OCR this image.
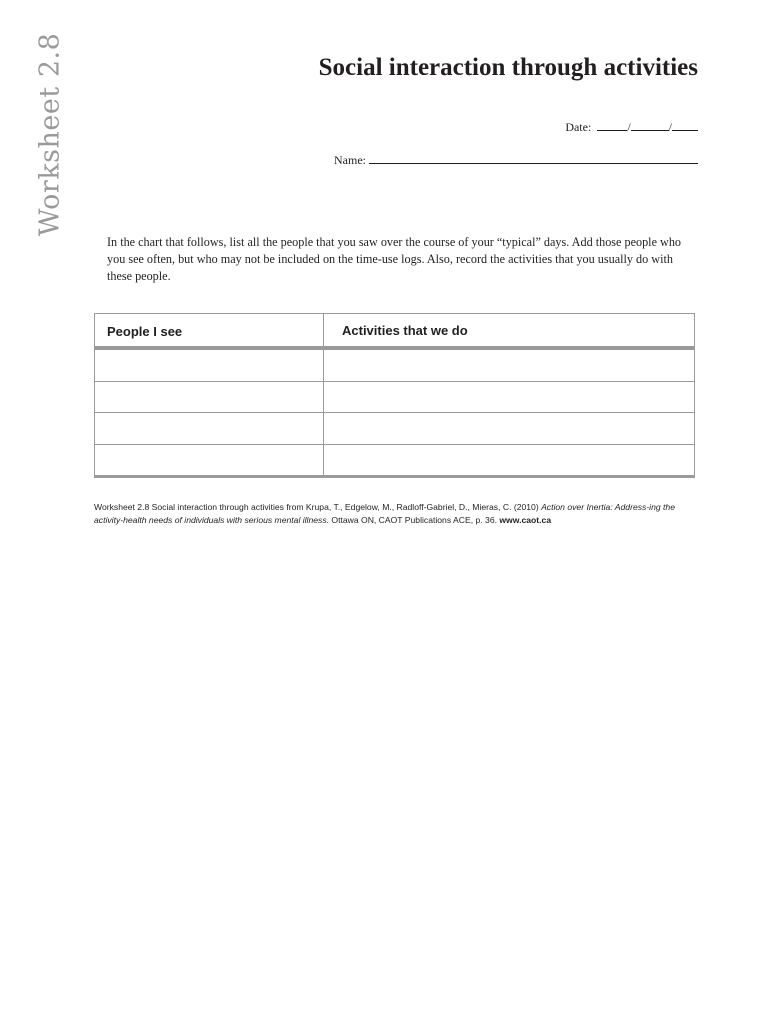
Worksheet 2.8	Social interaction through activities
Date:	/	/
Name:

In the chart that follows, list all the people that you saw over the course of your “typical” days. Add those people who you see often, but who may not be included on the time-use logs. Also, record the activities that you usually do with these people.

People I see	Activities that we do

Worksheet 2.8 Social interaction through activities from Krupa, T., Edgelow, M., Radloff-Gabriel, D., Mieras, C. (2010) Action over Inertia: Address-ing the activity-health needs of individuals with serious mental illness. Ottawa ON, CAOT Publications ACE, p. 36. www.caot.ca
